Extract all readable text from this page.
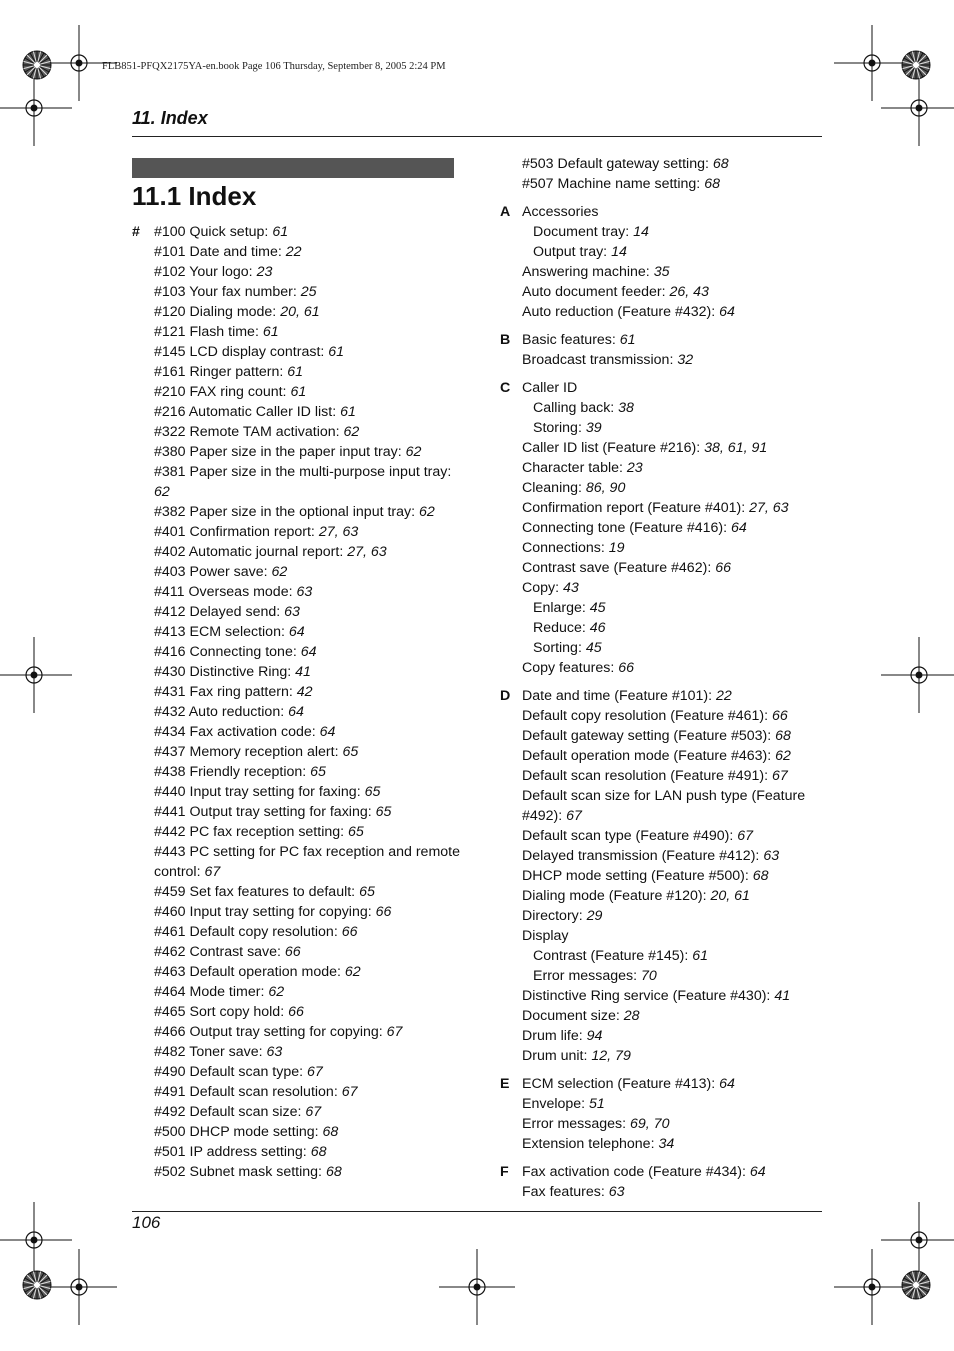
FLB851-PFQX2175YA-en.book Page 106 Thursday, September 8, 2005 2:24 PM
11. Index
11.1 Index
# #100 Quick setup: 61
#101 Date and time: 22
#102 Your logo: 23
#103 Your fax number: 25
#120 Dialing mode: 20, 61
#121 Flash time: 61
#145 LCD display contrast: 61
#161 Ringer pattern: 61
#210 FAX ring count: 61
#216 Automatic Caller ID list: 61
#322 Remote TAM activation: 62
#380 Paper size in the paper input tray: 62
#381 Paper size in the multi-purpose input tray: 62
#382 Paper size in the optional input tray: 62
#401 Confirmation report: 27, 63
#402 Automatic journal report: 27, 63
#403 Power save: 62
#411 Overseas mode: 63
#412 Delayed send: 63
#413 ECM selection: 64
#416 Connecting tone: 64
#430 Distinctive Ring: 41
#431 Fax ring pattern: 42
#432 Auto reduction: 64
#434 Fax activation code: 64
#437 Memory reception alert: 65
#438 Friendly reception: 65
#440 Input tray setting for faxing: 65
#441 Output tray setting for faxing: 65
#442 PC fax reception setting: 65
#443 PC setting for PC fax reception and remote control: 67
#459 Set fax features to default: 65
#460 Input tray setting for copying: 66
#461 Default copy resolution: 66
#462 Contrast save: 66
#463 Default operation mode: 62
#464 Mode timer: 62
#465 Sort copy hold: 66
#466 Output tray setting for copying: 67
#482 Toner save: 63
#490 Default scan type: 67
#491 Default scan resolution: 67
#492 Default scan size: 67
#500 DHCP mode setting: 68
#501 IP address setting: 68
#502 Subnet mask setting: 68
#503 Default gateway setting: 68
#507 Machine name setting: 68
A Accessories
Document tray: 14
Output tray: 14
Answering machine: 35
Auto document feeder: 26, 43
Auto reduction (Feature #432): 64
B Basic features: 61
Broadcast transmission: 32
C Caller ID
Calling back: 38
Storing: 39
Caller ID list (Feature #216): 38, 61, 91
Character table: 23
Cleaning: 86, 90
Confirmation report (Feature #401): 27, 63
Connecting tone (Feature #416): 64
Connections: 19
Contrast save (Feature #462): 66
Copy: 43
Enlarge: 45
Reduce: 46
Sorting: 45
Copy features: 66
D Date and time (Feature #101): 22
Default copy resolution (Feature #461): 66
Default gateway setting (Feature #503): 68
Default operation mode (Feature #463): 62
Default scan resolution (Feature #491): 67
Default scan size for LAN push type (Feature #492): 67
Default scan type (Feature #490): 67
Delayed transmission (Feature #412): 63
DHCP mode setting (Feature #500): 68
Dialing mode (Feature #120): 20, 61
Directory: 29
Display
Contrast (Feature #145): 61
Error messages: 70
Distinctive Ring service (Feature #430): 41
Document size: 28
Drum life: 94
Drum unit: 12, 79
E ECM selection (Feature #413): 64
Envelope: 51
Error messages: 69, 70
Extension telephone: 34
F Fax activation code (Feature #434): 64
Fax features: 63
106
